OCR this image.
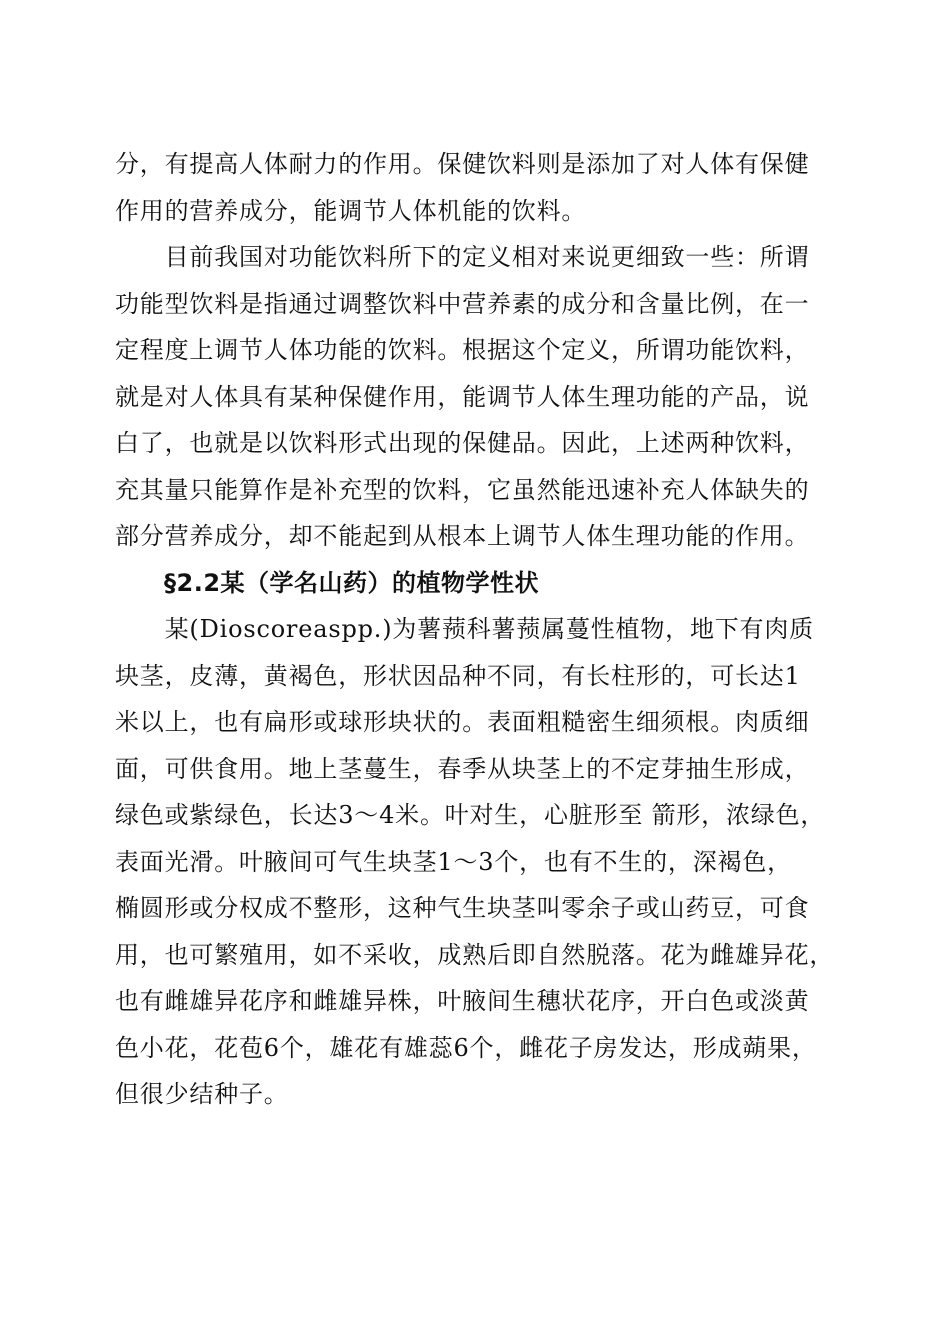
分，有提高人体耐力的作用。保健饮料则是添加了对人体有保健
作用的营养成分，能调节人体机能的饮料。
　　目前我国对功能饮料所下的定义相对来说更细致一些：所谓
功能型饮料是指通过调整饮料中营养素的成分和含量比例，在一
定程度上调节人体功能的饮料。根据这个定义，所谓功能饮料，
就是对人体具有某种保健作用，能调节人体生理功能的产品，说
白了，也就是以饮料形式出现的保健品。因此，上述两种饮料，
充其量只能算作是补充型的饮料，它虽然能迅速补充人体缺失的
部分营养成分，却不能起到从根本上调节人体生理功能的作用。
　　§2.2某（学名山药）的植物学性状
　　某(Dioscoreaspp.)为薯蓣科薯蓣属蔓性植物，地下有肉质
块茎，皮薄，黄褐色，形状因品种不同，有长柱形的，可长达1
米以上，也有扁形或球形块状的。表面粗糙密生细须根。肉质细
面，可供食用。地上茎蔓生，春季从块茎上的不定芽抽生形成，
绿色或紫绿色，长达3～4米。叶对生，心脏形至 箭形，浓绿色，
表面光滑。叶腋间可气生块茎1～3个，也有不生的，深褐色，
椭圆形或分权成不整形，这种气生块茎叫零余子或山药豆，可食
用，也可繁殖用，如不采收，成熟后即自然脱落。花为雌雄异花，
也有雌雄异花序和雌雄异株，叶腋间生穗状花序，开白色或淡黄
色小花，花苞6个，雄花有雄蕊6个，雌花子房发达，形成蒴果，
但很少结种子。
